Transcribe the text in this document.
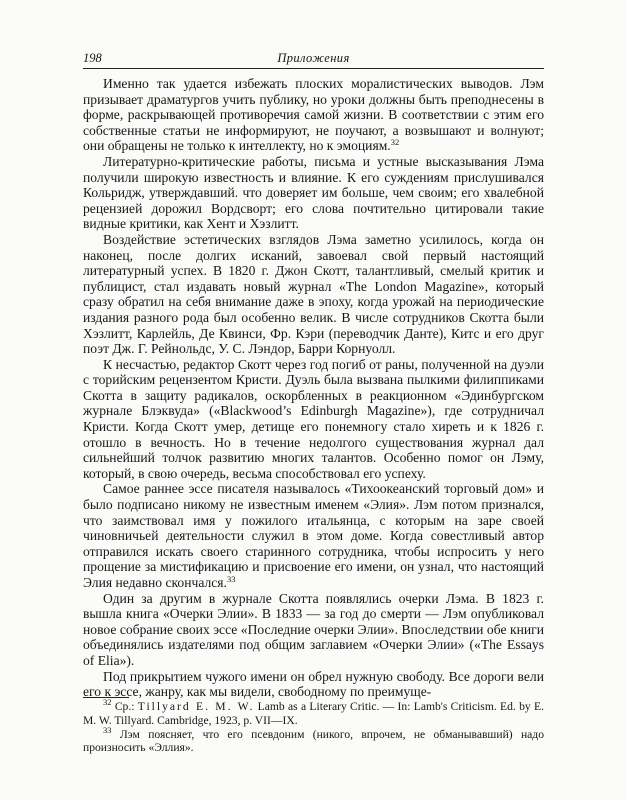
198	Приложения

Именно так удается избежать плоских моралистических выводов. Лэм призывает драматургов учить публику, но уроки должны быть преподнесены в форме, раскрывающей противоречия самой жизни. В соответствии с этим его собственные статьи не информируют, не поучают, а возвышают и волнуют; они обращены не только к интеллекту, но к эмоциям.$^{32}$

Литературно-критические работы, письма и устные высказывания Лэма получили широкую известность и влияние. К его суждениям прислушивался Кольридж, утверждавший. что доверяет им больше, чем своим; его хвалебной рецензией дорожил Вордсворт; его слова почтительно цитировали такие видные критики, как Хент и Хэзлитт.

Воздействие эстетических взглядов Лэма заметно усилилось, когда он наконец, после долгих исканий, завоевал свой первый настоящий литературный успех. В 1820 г. Джон Скотт, талантливый, смелый критик и публицист, стал издавать новый журнал «The London Magazine», который сразу обратил на себя внимание даже в эпоху, когда урожай на периодические издания разного рода был особенно велик. В числе сотрудников Скотта были Хэзлитт, Карлейль, Де Квинси, Фр. Кэри (переводчик Данте), Китс и его друг поэт Дж. Г. Рейнольдс, У. С. Лэндор, Барри Корнуолл.

К несчастью, редактор Скотт через год погиб от раны, полученной на дуэли с торийским рецензентом Кристи. Дуэль была вызвана пылкими филиппиками Скотта в защиту радикалов, оскорбленных в реакционном «Эдинбургском журнале Блэквуда» («Blackwood’s Edinburgh Magazine»), где сотрудничал Кристи. Когда Скотт умер, детище его понемногу стало хиреть и к 1826 г. отошло в вечность. Но в течение недолгого существования журнал дал сильнейший толчок развитию многих талантов. Особенно помог он Лэму, который, в свою очередь, весьма способствовал его успеху.

Самое раннее эссе писателя называлось «Тихоокеанский торговый дом» и было подписано никому не известным именем «Элия». Лэм потом признался, что заимствовал имя у пожилого итальянца, с которым на заре своей чиновничьей деятельности служил в этом доме. Когда совестливый автор отправился искать своего старинного сотрудника, чтобы испросить у него прощение за мистификацию и присвоение его имени, он узнал, что настоящий Элия недавно скончался.$^{33}$

Один за другим в журнале Скотта появлялись очерки Лэма. В 1823 г. вышла книга «Очерки Элии». В 1833 — за год до смерти — Лэм опубликовал новое собрание своих эссе «Последние очерки Элии». Впоследствии обе книги объединялись издателями под общим заглавием «Очерки Элии» («The Essays of Elia»).

Под прикрытием чужого имени он обрел нужную свободу. Все дороги вели его к эссе, жанру, как мы видели, свободному по преимущe-

$^{32}$ Ср.: Tillyard E. M. W. Lamb as a Literary Critic. — In: Lamb's Criticism. Ed. by E. M. W. Tillyard. Cambridge, 1923, p. VII—IX.

$^{33}$ Лэм поясняет, что его псевдоним (никого, впрочем, не обманывавший) надо произносить «Эллия».
